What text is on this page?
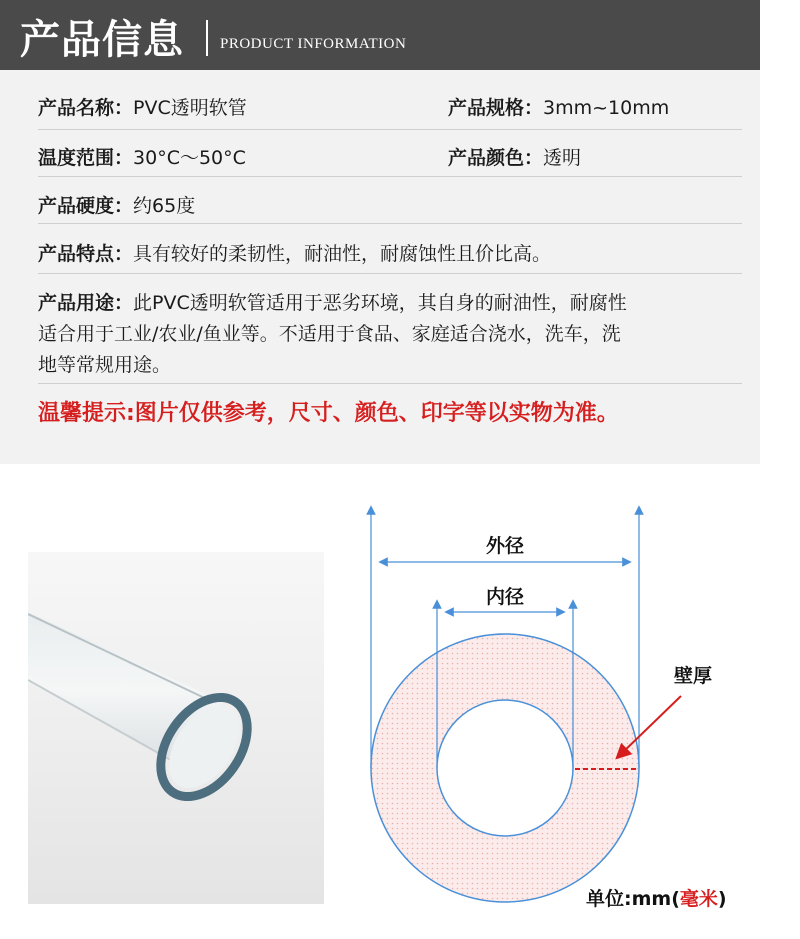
产品信息 PRODUCT INFORMATION
产品名称：PVC透明软管	产品规格：3mm~10mm
温度范围：30°C～50°C	产品颜色：透明
产品硬度：约65度
产品特点：具有较好的柔韧性，耐油性，耐腐蚀性且价比高。
产品用途：此PVC透明软管适用于恶劣环境，其自身的耐油性，耐腐性
适合用于工业/农业/鱼业等。不适用于食品、家庭适合浇水，洗车，洗
地等常规用途。
温馨提示:图片仅供参考，尺寸、颜色、印字等以实物为准。
外径
内径
壁厚
单位:mm(毫米)
